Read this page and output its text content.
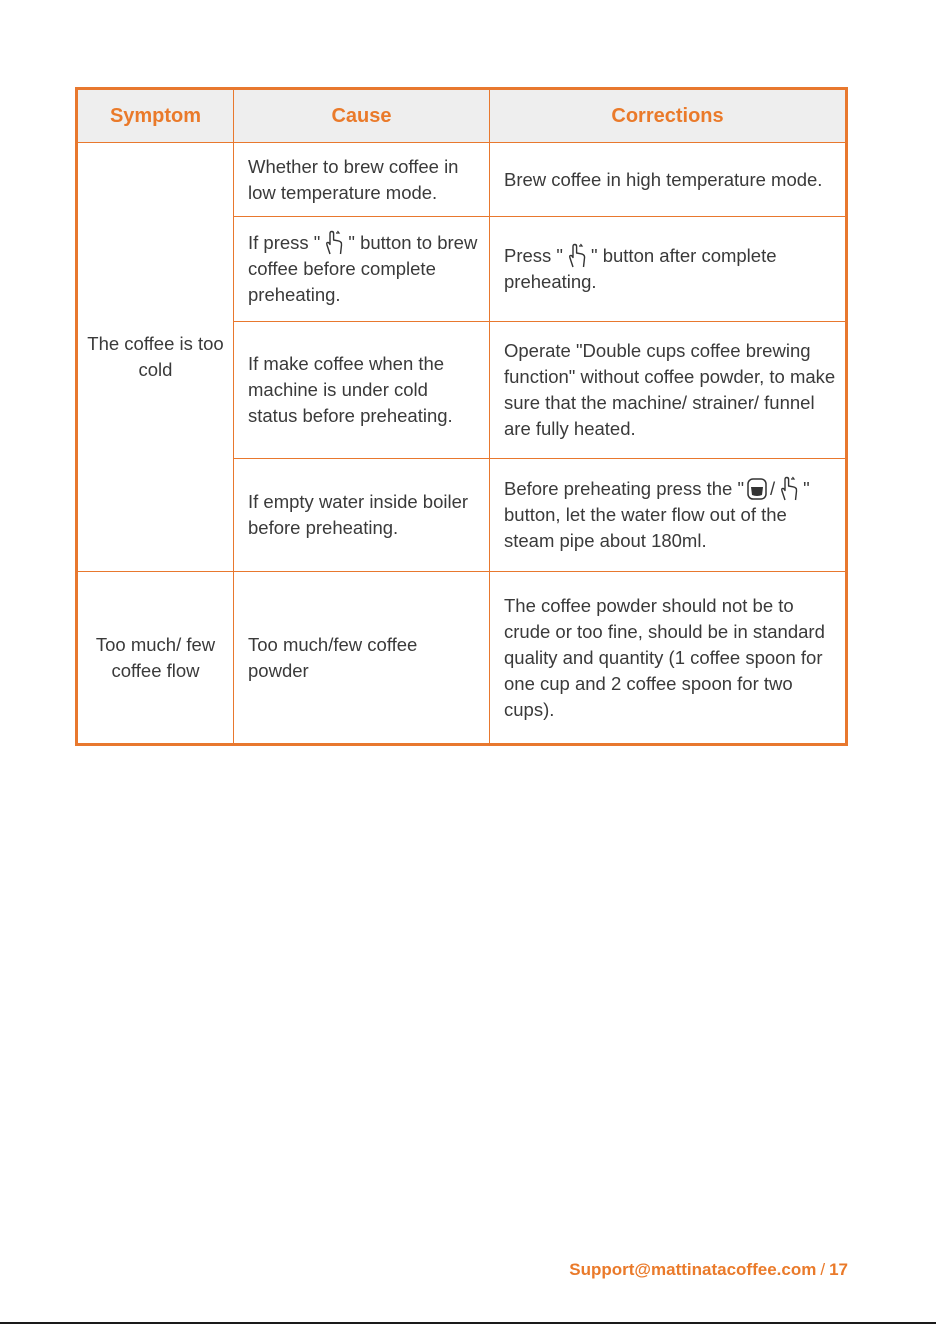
Symptom	Cause	Corrections
The coffee is too cold	Whether to brew coffee in low temperature mode.	Brew coffee in high temperature mode.
	If press " " button to brew coffee before complete preheating.	Press " " button after complete preheating.
	If make coffee when the machine is under cold status before preheating.	Operate "Double cups coffee brewing function" without coffee powder, to make sure that the machine/ strainer/ funnel are fully heated.
	If empty water inside boiler before preheating.	Before preheating press the " / " button, let the water flow out of the steam pipe about 180ml.
Too much/ few coffee flow	Too much/few coffee powder	The coffee powder should not be to crude or too fine, should be in standard quality and quantity (1 coffee spoon for one cup and 2 coffee spoon for two cups).
Support@mattinatacoffee.com / 17
